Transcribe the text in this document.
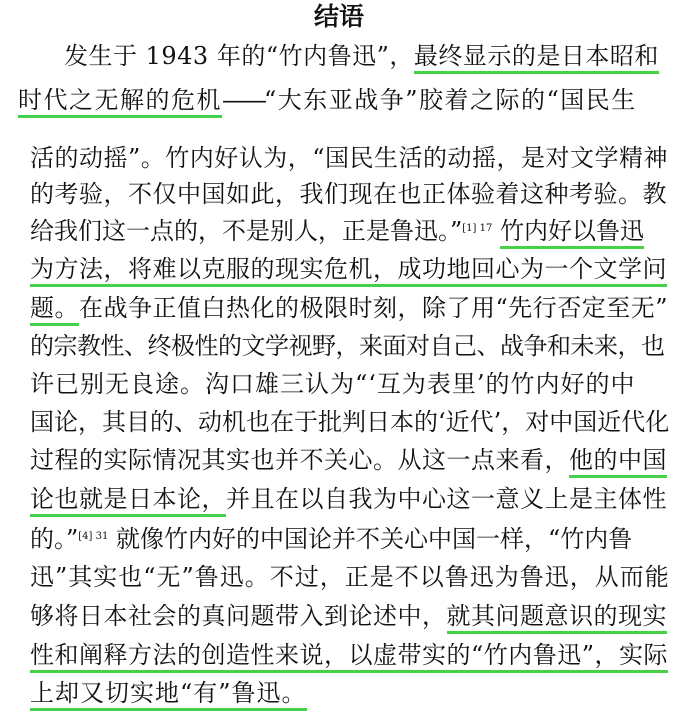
结语
发生于 1943 年的“竹内鲁迅”，最终显示的是日本昭和
时代之无解的危机——“大东亚战争”胶着之际的“国民生
活的动摇”。竹内好认为，“国民生活的动摇，是对文学精神
的考验，不仅中国如此，我们现在也正体验着这种考验。教
给我们这一点的，不是别人，正是鲁迅。”$^{[1] 17}$ 竹内好以鲁迅
为方法，将难以克服的现实危机，成功地回心为一个文学问
题。在战争正值白热化的极限时刻，除了用“先行否定至无”
的宗教性、终极性的文学视野，来面对自己、战争和未来，也
许已别无良途。沟口雄三认为“‘互为表里’的竹内好的中
国论，其目的、动机也在于批判日本的‘近代’，对中国近代化
过程的实际情况其实也并不关心。从这一点来看，他的中国
论也就是日本论，并且在以自我为中心这一意义上是主体性
的。”$^{[4] 31}$ 就像竹内好的中国论并不关心中国一样，“竹内鲁
迅”其实也“无”鲁迅。不过，正是不以鲁迅为鲁迅，从而能
够将日本社会的真问题带入到论述中，就其问题意识的现实
性和阐释方法的创造性来说，以虚带实的“竹内鲁迅”，实际
上却又切实地“有”鲁迅。
